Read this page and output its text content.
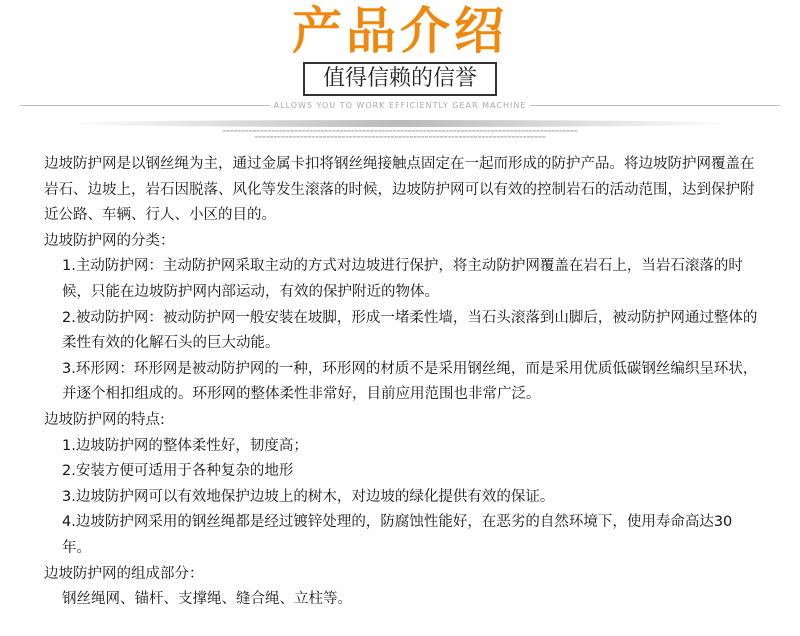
产品介绍
值得信赖的信誉
ALLOWS YOU TO WORK EFFICIENTLY GEAR MACHINE
▬▬▬▬▬▬▬▬▬▬▬▬▬▬▬▬▬▬▬▬▬▬▬▬▬▬▬▬▬▬▬▬▬▬▬▬▬▬▬▬▬▬▬▬▬▬▬▬▬▬▬▬▬▬▬▬▬▬▬▬▬▬▬▬▬▬▬▬▬▬▬▬▬▬▬▬▬▬▬▬▬▬▬▬▬▬▬▬▬▬▬▬▬▬
▬▬▬▬▬▬▬▬▬▬▬▬▬▬▬▬▬▬▬▬▬▬▬▬▬▬▬▬▬▬▬▬▬▬▬▬▬▬▬▬▬▬▬▬▬▬▬▬▬▬▬▬▬▬▬▬▬▬▬▬▬▬▬▬▬▬▬▬▬▬▬▬▬▬▬▬▬

边坡防护网是以钢丝绳为主，通过金属卡扣将钢丝绳接触点固定在一起而形成的防护产品。将边坡防护网覆盖在岩石、边坡上，岩石因脱落、风化等发生滚落的时候，边坡防护网可以有效的控制岩石的活动范围，达到保护附近公路、车辆、行人、小区的目的。

边坡防护网的分类：

1.主动防护网：主动防护网采取主动的方式对边坡进行保护，将主动防护网覆盖在岩石上，当岩石滚落的时候，只能在边坡防护网内部运动，有效的保护附近的物体。

2.被动防护网：被动防护网一般安装在坡脚，形成一堵柔性墙，当石头滚落到山脚后，被动防护网通过整体的柔性有效的化解石头的巨大动能。

3.环形网：环形网是被动防护网的一种，环形网的材质不是采用钢丝绳，而是采用优质低碳钢丝编织呈环状，并逐个相扣组成的。环形网的整体柔性非常好，目前应用范围也非常广泛。

边坡防护网的特点:

1.边坡防护网的整体柔性好，韧度高；

2.安装方便可适用于各种复杂的地形

3.边坡防护网可以有效地保护边坡上的树木，对边坡的绿化提供有效的保证。

4.边坡防护网采用的钢丝绳都是经过镀锌处理的，防腐蚀性能好，在恶劣的自然环境下，使用寿命高达30年。

边坡防护网的组成部分：

钢丝绳网、锚杆、支撑绳、缝合绳、立柱等。
